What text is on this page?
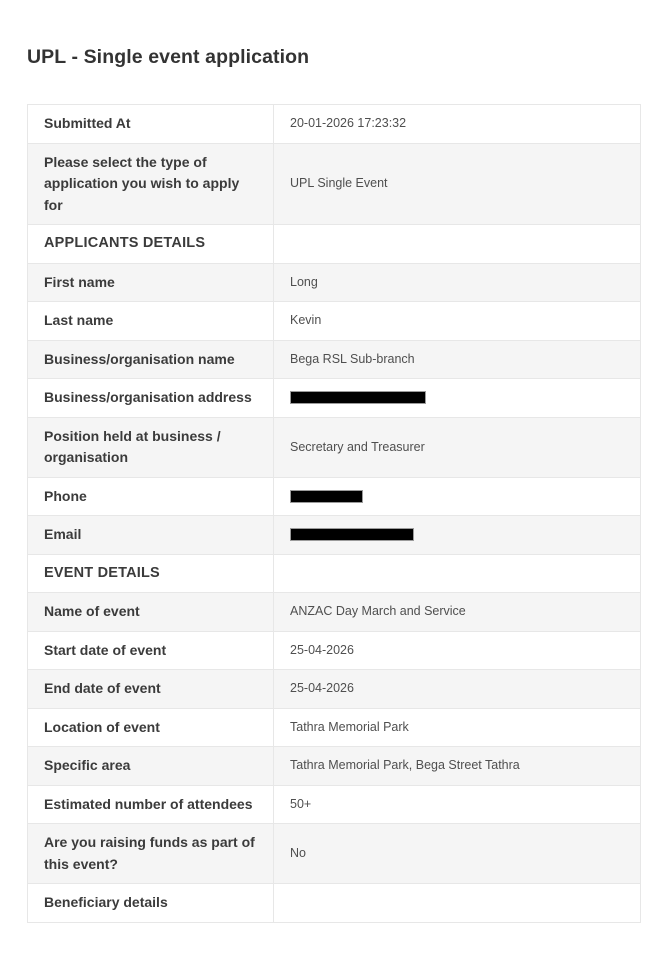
UPL - Single event application
Submitted At	20-01-2026 17:23:32
Please select the type of application you wish to apply for	UPL Single Event
APPLICANTS DETAILS	
First name	Long
Last name	Kevin
Business/organisation name	Bega RSL Sub-branch
Business/organisation address	

Position held at business / organisation	Secretary and Treasurer
Phone	

Email	

EVENT DETAILS	
Name of event	ANZAC Day March and Service
Start date of event	25-04-2026
End date of event	25-04-2026
Location of event	Tathra Memorial Park
Specific area	Tathra Memorial Park, Bega Street Tathra
Estimated number of attendees	50+
Are you raising funds as part of this event?	No
Beneficiary details	
